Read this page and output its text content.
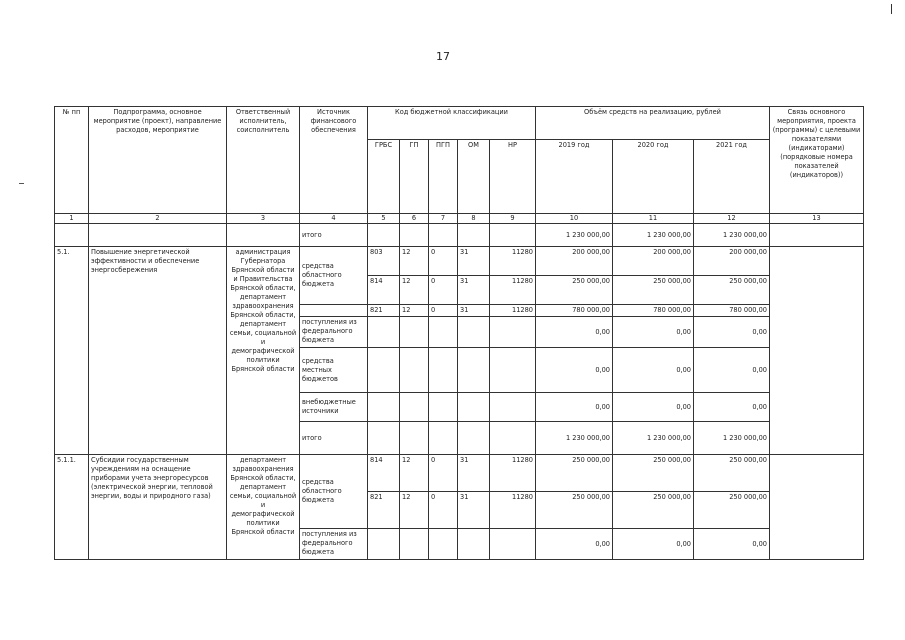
17
№ пп	Подпрограмма, основное мероприятие (проект), направление расходов, мероприятие	Ответственный исполнитель, соисполнитель	Источник финансового обеспечения	Код бюджетной классификации					Объём средств на реализацию, рублей			Связь основного мероприятия, проекта (программы) с целевыми показателями (индикаторами) (порядковые номера показателей (индикаторов))
				ГРБС	ГП	ПГП	ОМ	НР	2019 год	2020 год	2021 год	
1	2	3	4	5	6	7	8	9	10	11	12	13
			итого						1 230 000,00	1 230 000,00	1 230 000,00	
5.1.	Повышение энергетической эффективности и обеспечение энергосбережения	администрация Губернатора Брянской области и Правительства Брянской области, департамент здравоохранения Брянской области, департамент семьи, социальной и демографической политики Брянской области	средства областного бюджета	803	12	0	31	11280	200 000,00	200 000,00	200 000,00	
				814	12	0	31	11280	250 000,00	250 000,00	250 000,00	
				821	12	0	31	11280	780 000,00	780 000,00	780 000,00	
			поступления из федерального бюджета						0,00	0,00	0,00	
			средства местных бюджетов						0,00	0,00	0,00	
			внебюджетные источники						0,00	0,00	0,00	
			итого						1 230 000,00	1 230 000,00	1 230 000,00	
5.1.1.	Субсидии государственным учреждениям на оснащение приборами учета энергоресурсов (электрической энергии, тепловой энергии, воды и природного газа)	департамент здравоохранения Брянской области, департамент семьи, социальной и демографической политики Брянской области	средства областного бюджета	814	12	0	31	11280	250 000,00	250 000,00	250 000,00	
				821	12	0	31	11280	250 000,00	250 000,00	250 000,00	
			поступления из федерального бюджета						0,00	0,00	0,00	
